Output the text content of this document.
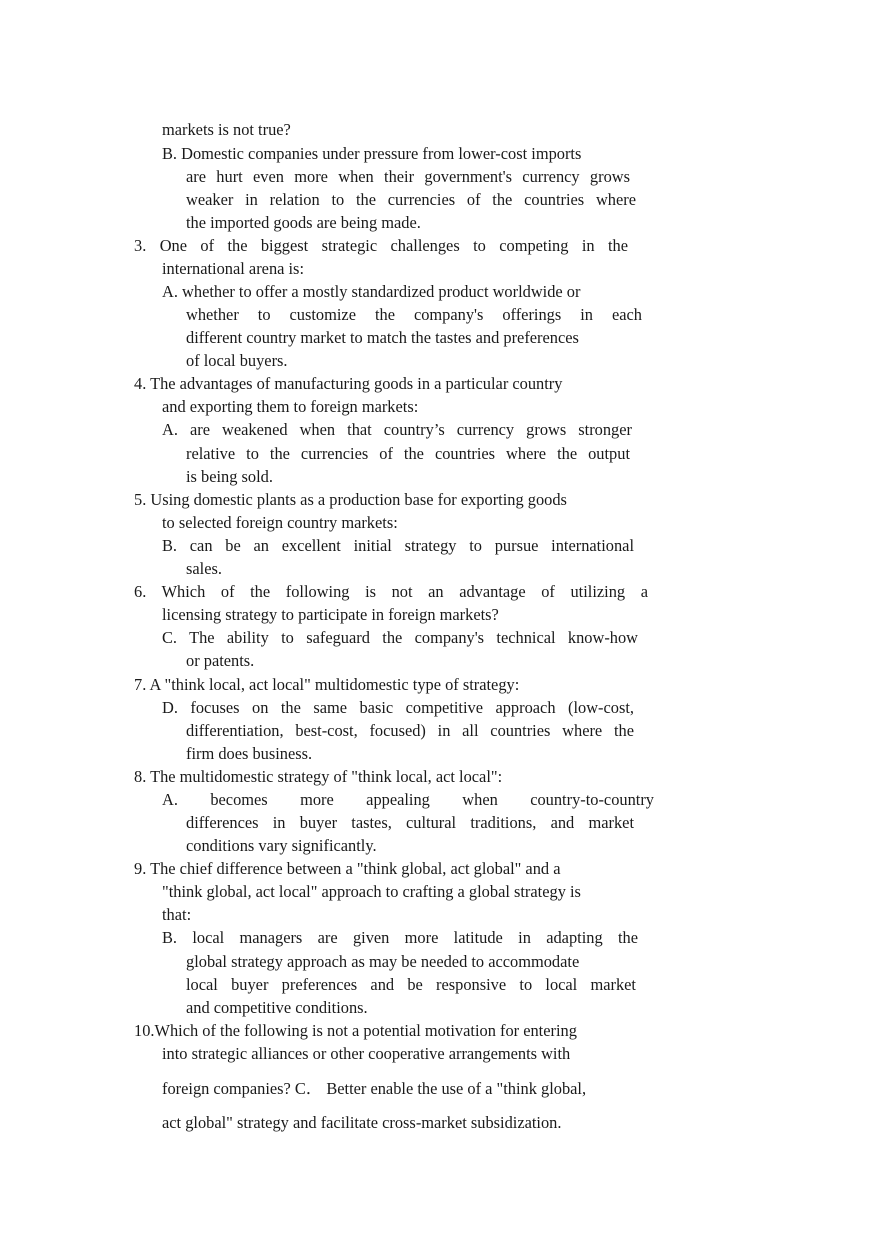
markets is not true?
B. Domestic companies under pressure from lower-cost imports
are hurt even more when their government's currency grows
weaker in relation to the currencies of the countries where
the imported goods are being made.
3. One of the biggest strategic challenges to competing in the
international arena is:
A. whether to offer a mostly standardized product worldwide or
whether to customize the company's offerings in each
different country market to match the tastes and preferences
of local buyers.
4. The advantages of manufacturing goods in a particular country
and exporting them to foreign markets:
A. are weakened when that country’s currency grows stronger
relative to the currencies of the countries where the output
is being sold.
5. Using domestic plants as a production base for exporting goods
to selected foreign country markets:
B. can be an excellent initial strategy to pursue international
sales.
6. Which of the following is not an advantage of utilizing a
licensing strategy to participate in foreign markets?
C. The ability to safeguard the company's technical know-how
or patents.
7. A "think local, act local" multidomestic type of strategy:
D. focuses on the same basic competitive approach (low-cost,
differentiation, best-cost, focused) in all countries where the
firm does business.
8. The multidomestic strategy of "think local, act local":
A. becomes more appealing when country-to-country
differences in buyer tastes, cultural traditions, and market
conditions vary significantly.
9. The chief difference between a "think global, act global" and a
"think global, act local" approach to crafting a global strategy is
that:
B. local managers are given more latitude in adapting the
global strategy approach as may be needed to accommodate
local buyer preferences and be responsive to local market
and competitive conditions.
10.Which of the following is not a potential motivation for entering
into strategic alliances or other cooperative arrangements with
foreign companies? C． Better enable the use of a "think global,
act global" strategy and facilitate cross-market subsidization.
